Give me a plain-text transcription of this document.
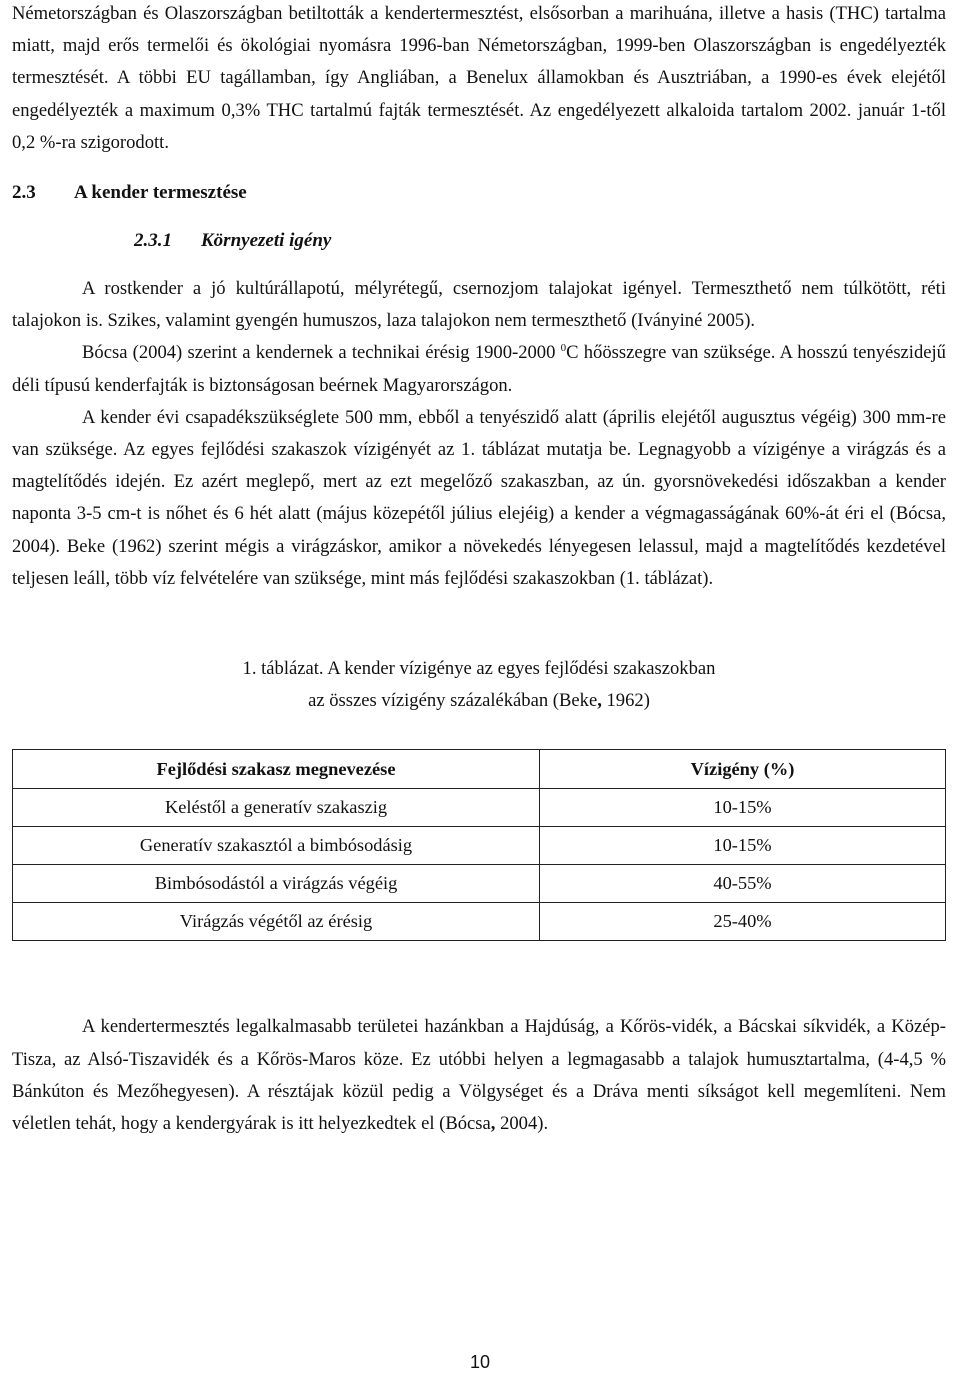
Németországban és Olaszországban betiltották a kendertermesztést, elsősorban a marihuána, illetve a hasis (THC) tartalma miatt, majd erős termelői és ökológiai nyomásra 1996-ban Németországban, 1999-ben Olaszországban is engedélyezték termesztését. A többi EU tagállamban, így Angliában, a Benelux államokban és Ausztriában, a 1990-es évek elejétől engedélyezték a maximum 0,3% THC tartalmú fajták termesztését. Az engedélyezett alkaloida tartalom 2002. január 1-től 0,2 %-ra szigorodott.

2.3 A kender termesztése
2.3.1 Környezeti igény

A rostkender a jó kultúrállapotú, mélyrétegű, csernozjom talajokat igényel. Termeszthető nem túlkötött, réti talajokon is. Szikes, valamint gyengén humuszos, laza talajokon nem termeszthető (Iványiné 2005).

Bócsa (2004) szerint a kendernek a technikai érésig 1900-2000 $^0$C hőösszegre van szüksége. A hosszú tenyészidejű déli típusú kenderfajták is biztonságosan beérnek Magyarországon.

A kender évi csapadékszükséglete 500 mm, ebből a tenyészidő alatt (április elejétől augusztus végéig) 300 mm-re van szüksége. Az egyes fejlődési szakaszok vízigényét az 1. táblázat mutatja be. Legnagyobb a vízigénye a virágzás és a magtelítődés idején. Ez azért meglepő, mert az ezt megelőző szakaszban, az ún. gyorsnövekedési időszakban a kender naponta 3-5 cm-t is nőhet és 6 hét alatt (május közepétől július elejéig) a kender a végmagasságának 60%-át éri el (Bócsa, 2004). Beke (1962) szerint mégis a virágzáskor, amikor a növekedés lényegesen lelassul, majd a magtelítődés kezdetével teljesen leáll, több víz felvételére van szüksége, mint más fejlődési szakaszokban (1. táblázat).

1. táblázat. A kender vízigénye az egyes fejlődési szakaszokban
az összes vízigény százalékában (Beke, 1962)
Fejlődési szakasz megnevezése	Vízigény (%)
Keléstől a generatív szakaszig	10-15%
Generatív szakasztól a bimbósodásig	10-15%
Bimbósodástól a virágzás végéig	40-55%
Virágzás végétől az érésig	25-40%

A kendertermesztés legalkalmasabb területei hazánkban a Hajdúság, a Kőrös-vidék, a Bácskai síkvidék, a Közép-Tisza, az Alsó-Tiszavidék és a Kőrös-Maros köze. Ez utóbbi helyen a legmagasabb a talajok humusztartalma, (4-4,5 % Bánkúton és Mezőhegyesen). A résztájak közül pedig a Völgységet és a Dráva menti síkságot kell megemlíteni. Nem véletlen tehát, hogy a kendergyárak is itt helyezkedtek el (Bócsa, 2004).

10
